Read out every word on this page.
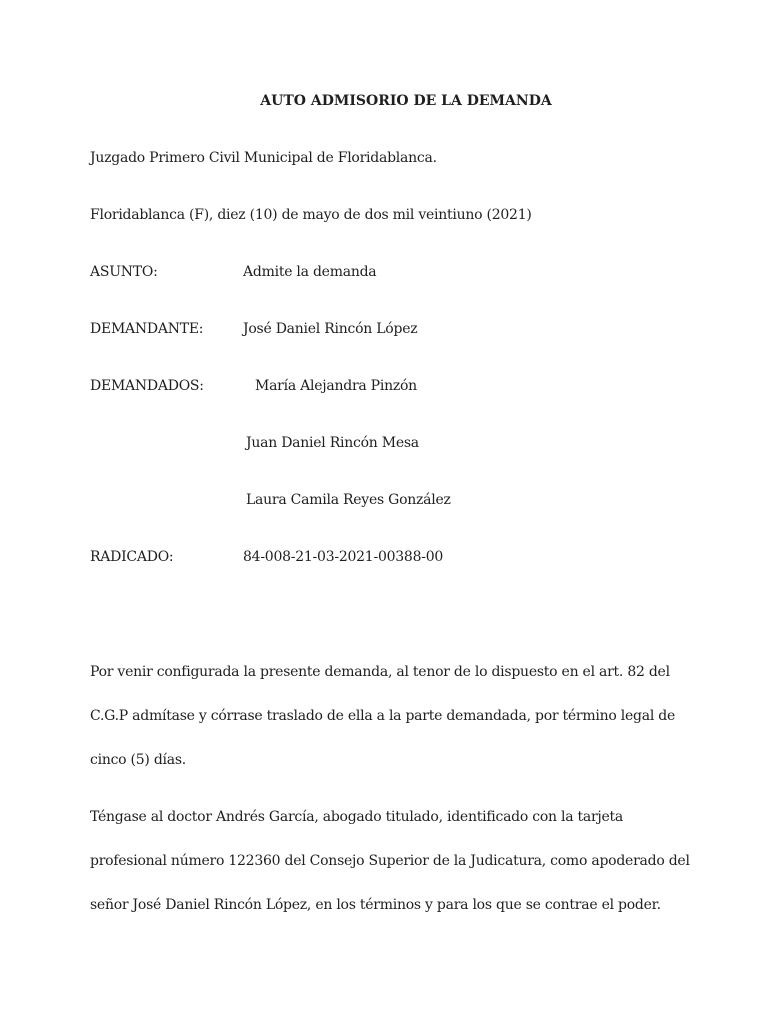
AUTO ADMISORIO DE LA DEMANDA
Juzgado Primero Civil Municipal de Floridablanca.
Floridablanca (F), diez (10) de mayo de dos mil veintiuno (2021)
ASUNTO:	Admite la demanda
DEMANDANTE:	José Daniel Rincón López
DEMANDADOS:	María Alejandra Pinzón
Juan Daniel Rincón Mesa
Laura Camila Reyes González
RADICADO:	84-008-21-03-2021-00388-00
Por venir configurada la presente demanda, al tenor de lo dispuesto en el art. 82 del
C.G.P admítase y córrase traslado de ella a la parte demandada, por término legal de
cinco (5) días.
Téngase al doctor Andrés García, abogado titulado, identificado con la tarjeta
profesional número 122360 del Consejo Superior de la Judicatura, como apoderado del
señor José Daniel Rincón López, en los términos y para los que se contrae el poder.
